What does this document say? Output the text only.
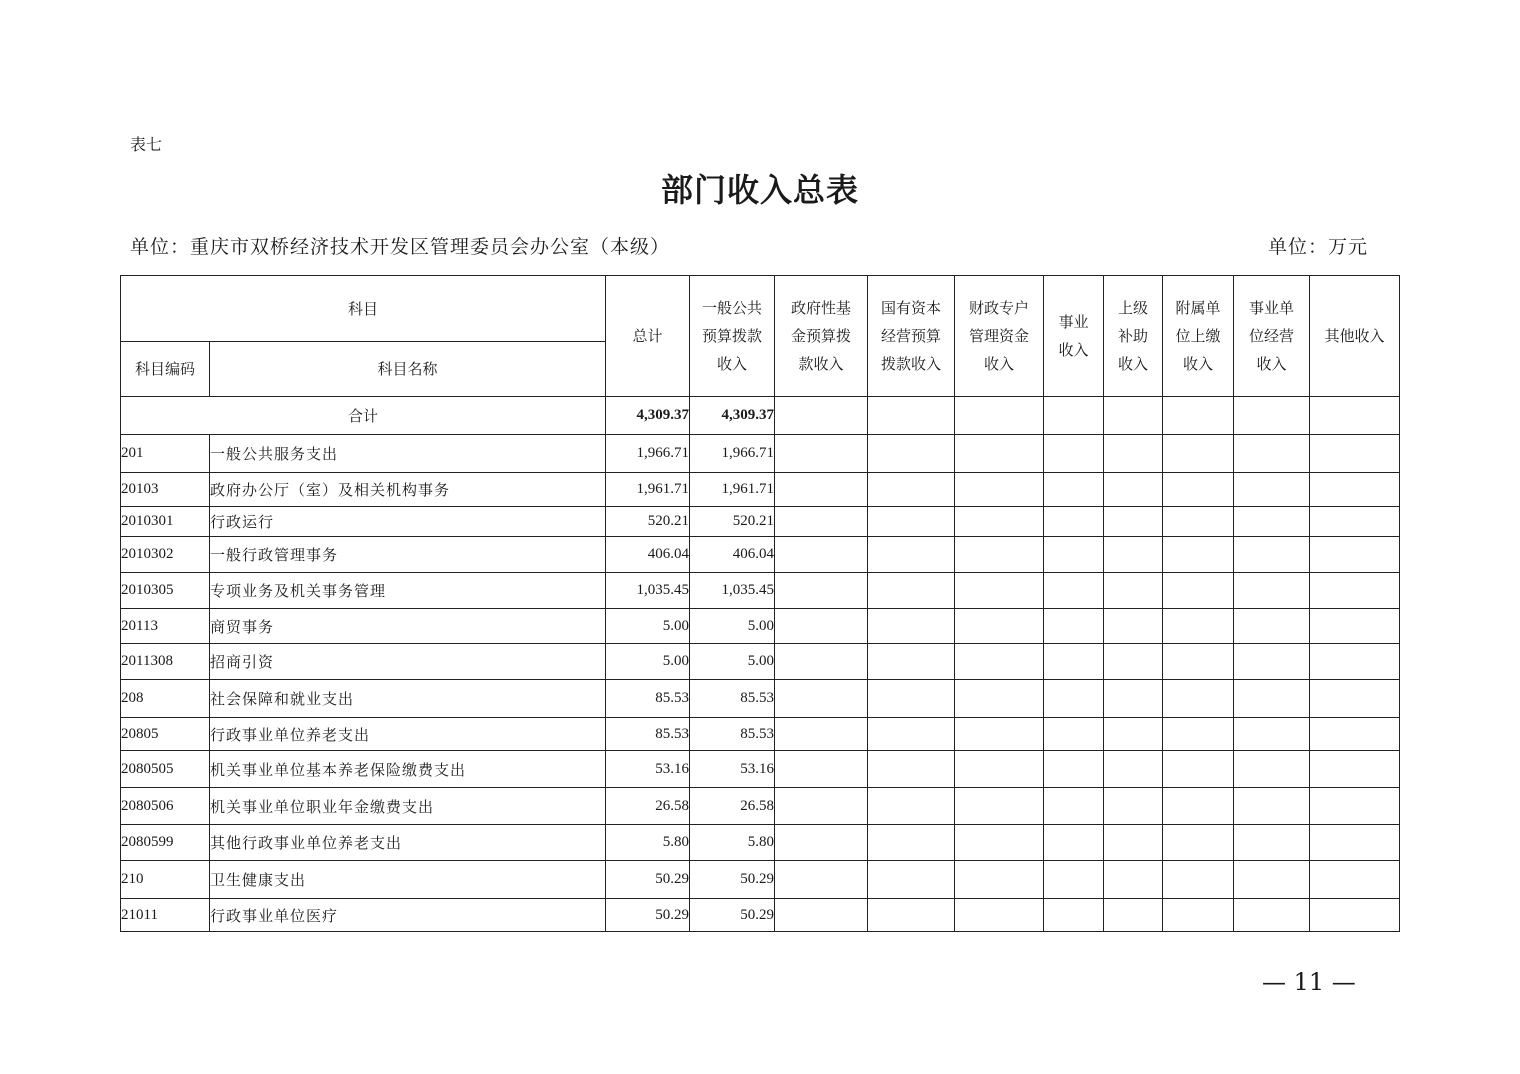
表七
部门收入总表
单位：重庆市双桥经济技术开发区管理委员会办公室（本级）	单位：万元
科目		总计	一般公共预算拨款收入	政府性基金预算拨款收入	国有资本经营预算拨款收入	财政专户管理资金收入	事业收入	上级补助收入	附属单位上缴收入	事业单位经营收入	其他收入
科目编码	科目名称										
合计		4,309.37	4,309.37								
201	一般公共服务支出	1,966.71	1,966.71								
20103	政府办公厅（室）及相关机构事务	1,961.71	1,961.71								
2010301	行政运行	520.21	520.21								
2010302	一般行政管理事务	406.04	406.04								
2010305	专项业务及机关事务管理	1,035.45	1,035.45								
20113	商贸事务	5.00	5.00								
2011308	招商引资	5.00	5.00								
208	社会保障和就业支出	85.53	85.53								
20805	行政事业单位养老支出	85.53	85.53								
2080505	机关事业单位基本养老保险缴费支出	53.16	53.16								
2080506	机关事业单位职业年金缴费支出	26.58	26.58								
2080599	其他行政事业单位养老支出	5.80	5.80								
210	卫生健康支出	50.29	50.29								
21011	行政事业单位医疗	50.29	50.29								
— 11 —
